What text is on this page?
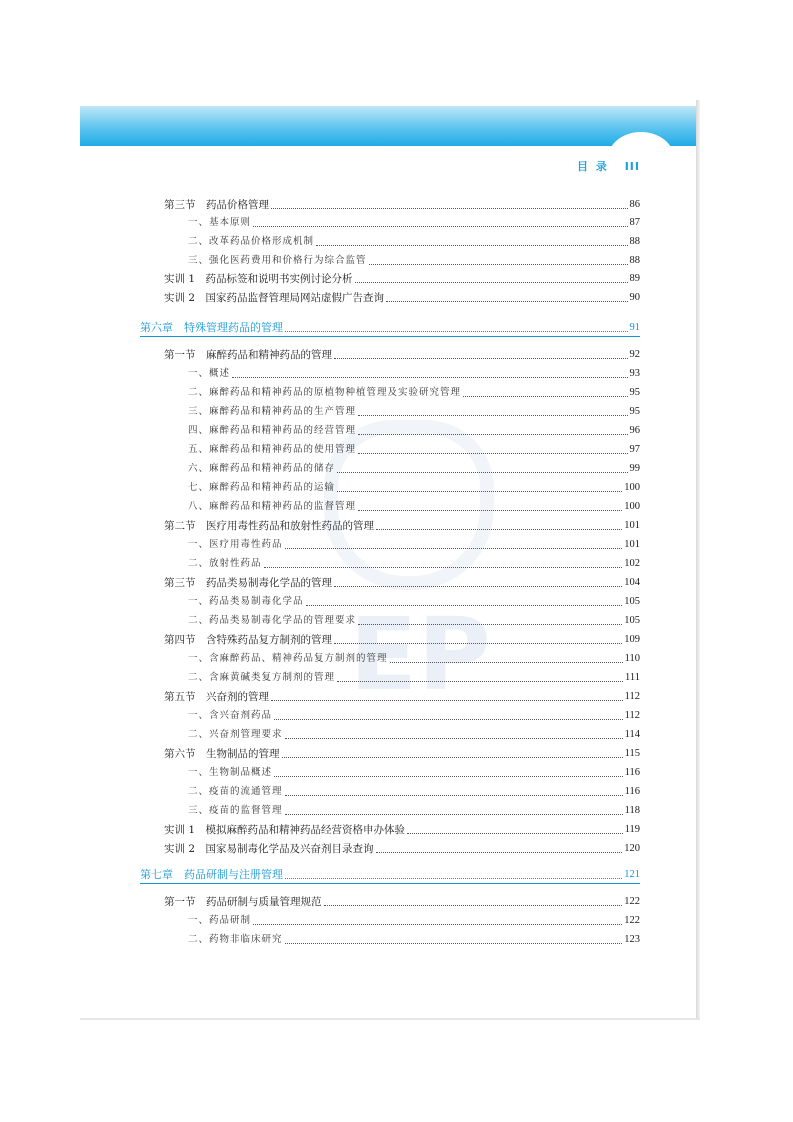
目 录 III
EP
第三节　药品价格管理	86
一、基本原则	87
二、改革药品价格形成机制	88
三、强化医药费用和价格行为综合监管	88
实训 1　药品标签和说明书实例讨论分析	89
实训 2　国家药品监督管理局网站虚假广告查询	90
第六章　特殊管理药品的管理	91
第一节　麻醉药品和精神药品的管理	92
一、概述	93
二、麻醉药品和精神药品的原植物种植管理及实验研究管理	95
三、麻醉药品和精神药品的生产管理	95
四、麻醉药品和精神药品的经营管理	96
五、麻醉药品和精神药品的使用管理	97
六、麻醉药品和精神药品的储存	99
七、麻醉药品和精神药品的运输	100
八、麻醉药品和精神药品的监督管理	100
第二节　医疗用毒性药品和放射性药品的管理	101
一、医疗用毒性药品	101
二、放射性药品	102
第三节　药品类易制毒化学品的管理	104
一、药品类易制毒化学品	105
二、药品类易制毒化学品的管理要求	105
第四节　含特殊药品复方制剂的管理	109
一、含麻醉药品、精神药品复方制剂的管理	110
二、含麻黄碱类复方制剂的管理	111
第五节　兴奋剂的管理	112
一、含兴奋剂药品	112
二、兴奋剂管理要求	114
第六节　生物制品的管理	115
一、生物制品概述	116
二、疫苗的流通管理	116
三、疫苗的监督管理	118
实训 1　模拟麻醉药品和精神药品经营资格申办体验	119
实训 2　国家易制毒化学品及兴奋剂目录查询	120
第七章　药品研制与注册管理	121
第一节　药品研制与质量管理规范	122
一、药品研制	122
二、药物非临床研究	123
